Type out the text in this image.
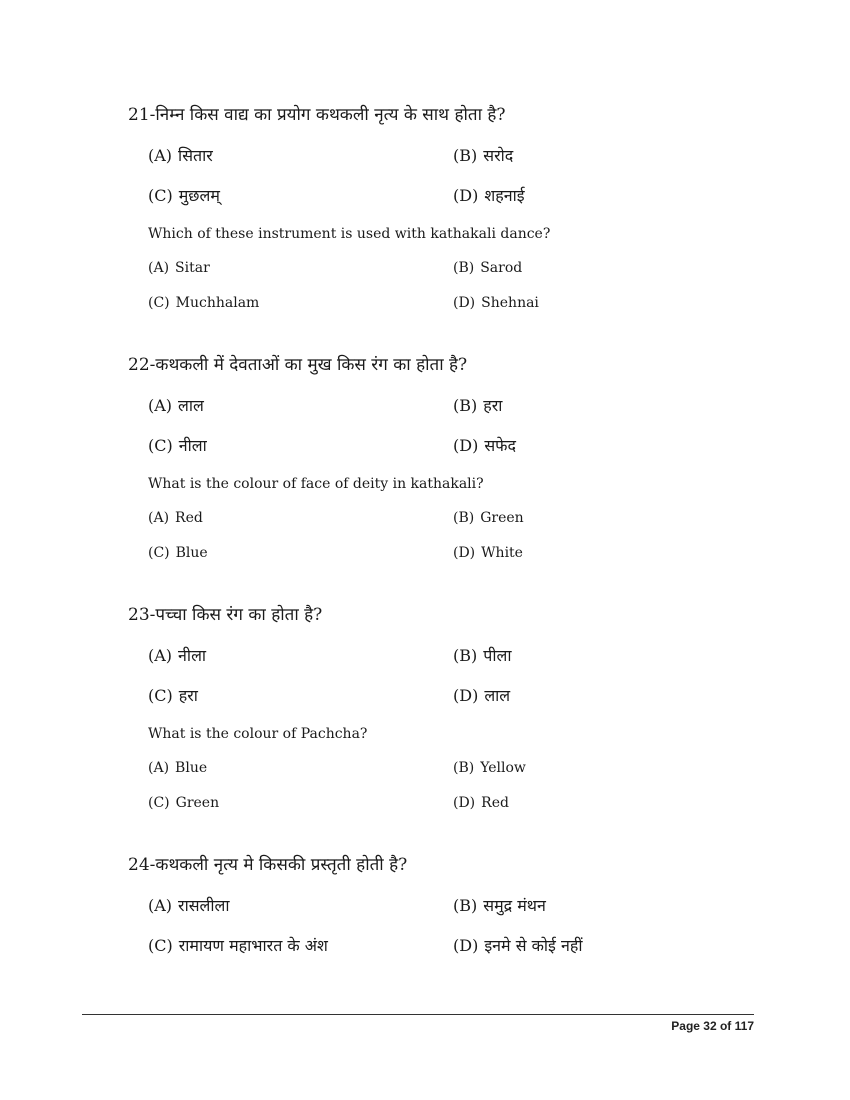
21-निम्न किस वाद्य का प्रयोग कथकली नृत्य के साथ होता है?
(A) सितार	(B) सरोद
(C) मुछलम्	(D) शहनाई
Which of these instrument is used with kathakali dance?
(A) Sitar	(B) Sarod
(C) Muchhalam	(D) Shehnai
22-कथकली में देवताओं का मुख किस रंग का होता है?
(A) लाल	(B) हरा
(C) नीला	(D) सफेद
What is the colour of face of deity in kathakali?
(A) Red	(B) Green
(C) Blue	(D) White
23-पच्चा किस रंग का होता है?
(A) नीला	(B) पीला
(C) हरा	(D) लाल
What is the colour of Pachcha?
(A) Blue	(B) Yellow
(C) Green	(D) Red
24-कथकली नृत्य मे किसकी प्रस्तृती होती है?
(A) रासलीला	(B) समुद्र मंथन
(C) रामायण महाभारत के अंश	(D) इनमे से कोई नहीं
Page 32 of 117
